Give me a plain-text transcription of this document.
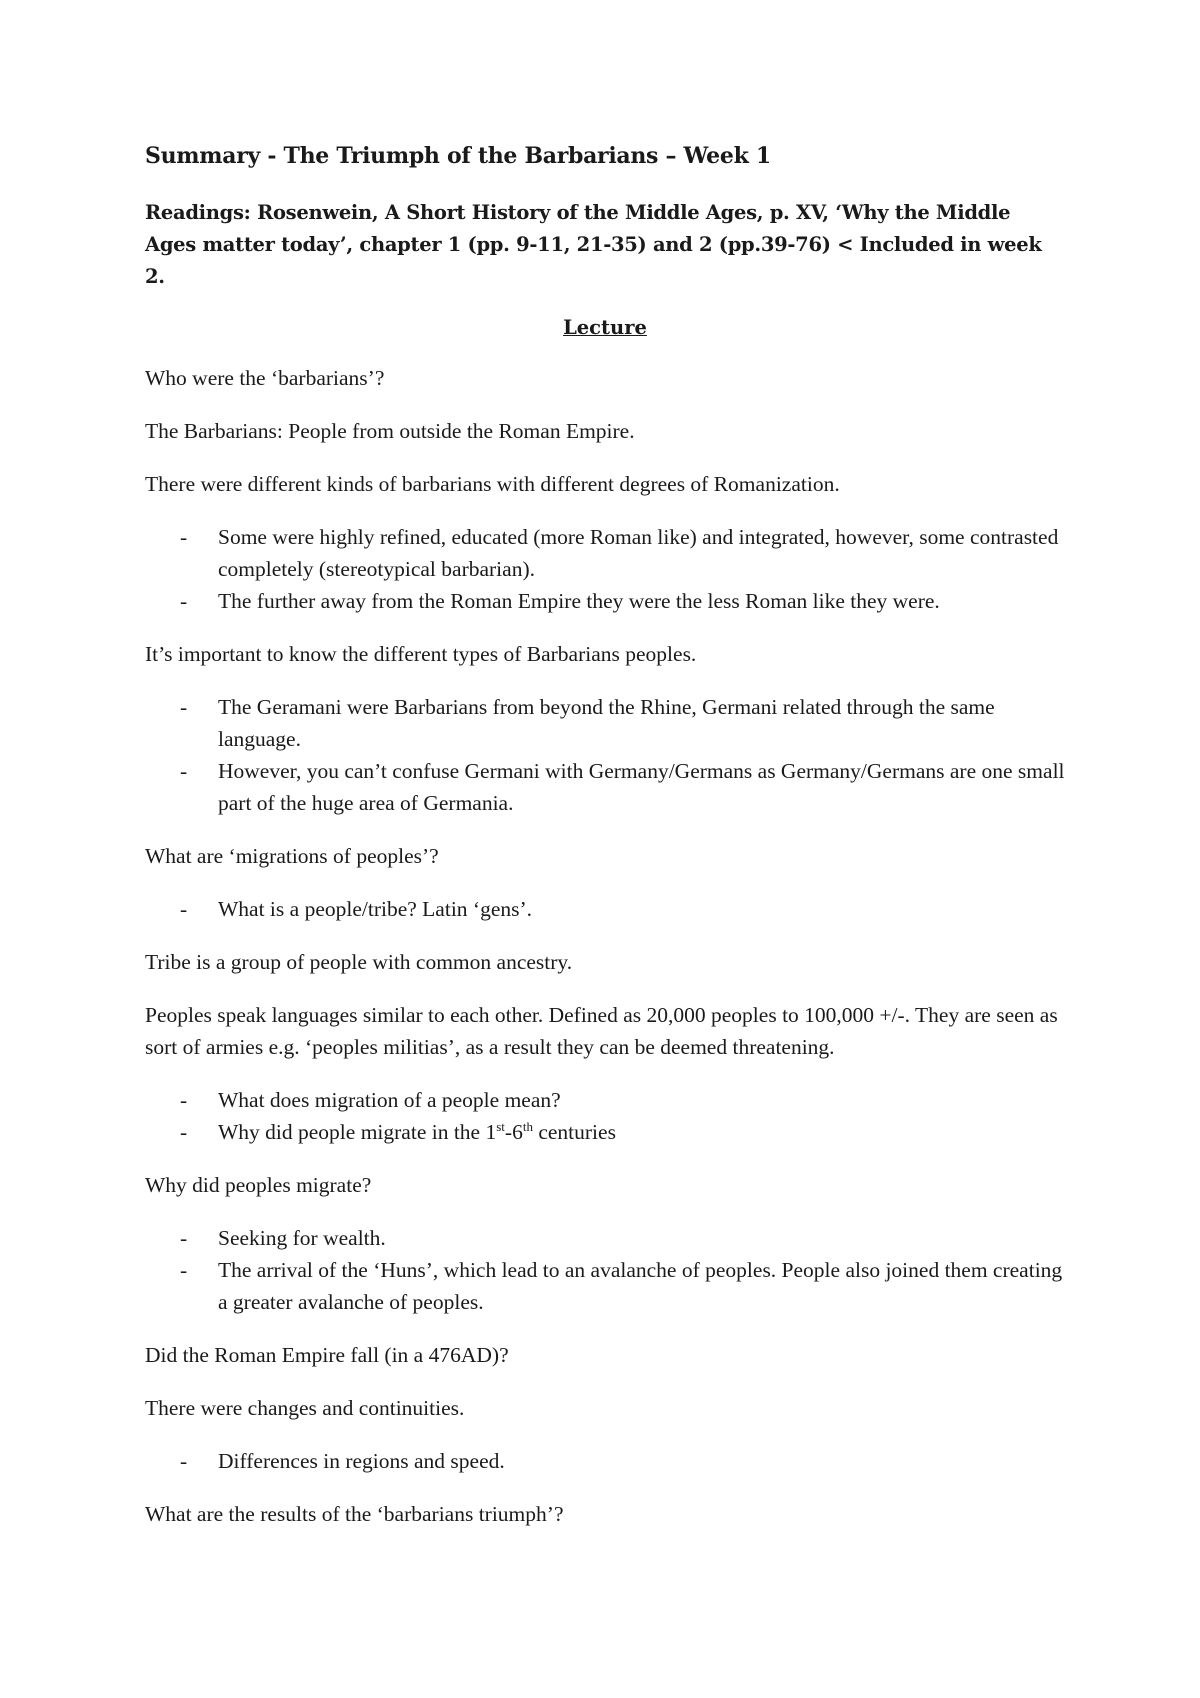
Summary - The Triumph of the Barbarians – Week 1
Readings: Rosenwein, A Short History of the Middle Ages, p. XV, ‘Why the Middle Ages matter today’, chapter 1 (pp. 9-11, 21-35) and 2 (pp.39-76) < Included in week 2.
Lecture

Who were the ‘barbarians’?

The Barbarians: People from outside the Roman Empire.

There were different kinds of barbarians with different degrees of Romanization.

- Some were highly refined, educated (more Roman like) and integrated, however, some contrasted completely (stereotypical barbarian).
- The further away from the Roman Empire they were the less Roman like they were.

It’s important to know the different types of Barbarians peoples.

- The Geramani were Barbarians from beyond the Rhine, Germani related through the same language.
- However, you can’t confuse Germani with Germany/Germans as Germany/Germans are one small part of the huge area of Germania.

What are ‘migrations of peoples’?

- What is a people/tribe? Latin ‘gens’.

Tribe is a group of people with common ancestry.

Peoples speak languages similar to each other. Defined as 20,000 peoples to 100,000 +/-. They are seen as sort of armies e.g. ‘peoples militias’, as a result they can be deemed threatening.

- What does migration of a people mean?
- Why did people migrate in the 1st-6th centuries

Why did peoples migrate?

- Seeking for wealth.
- The arrival of the ‘Huns’, which lead to an avalanche of peoples. People also joined them creating a greater avalanche of peoples.

Did the Roman Empire fall (in a 476AD)?

There were changes and continuities.

- Differences in regions and speed.

What are the results of the ‘barbarians triumph’?
